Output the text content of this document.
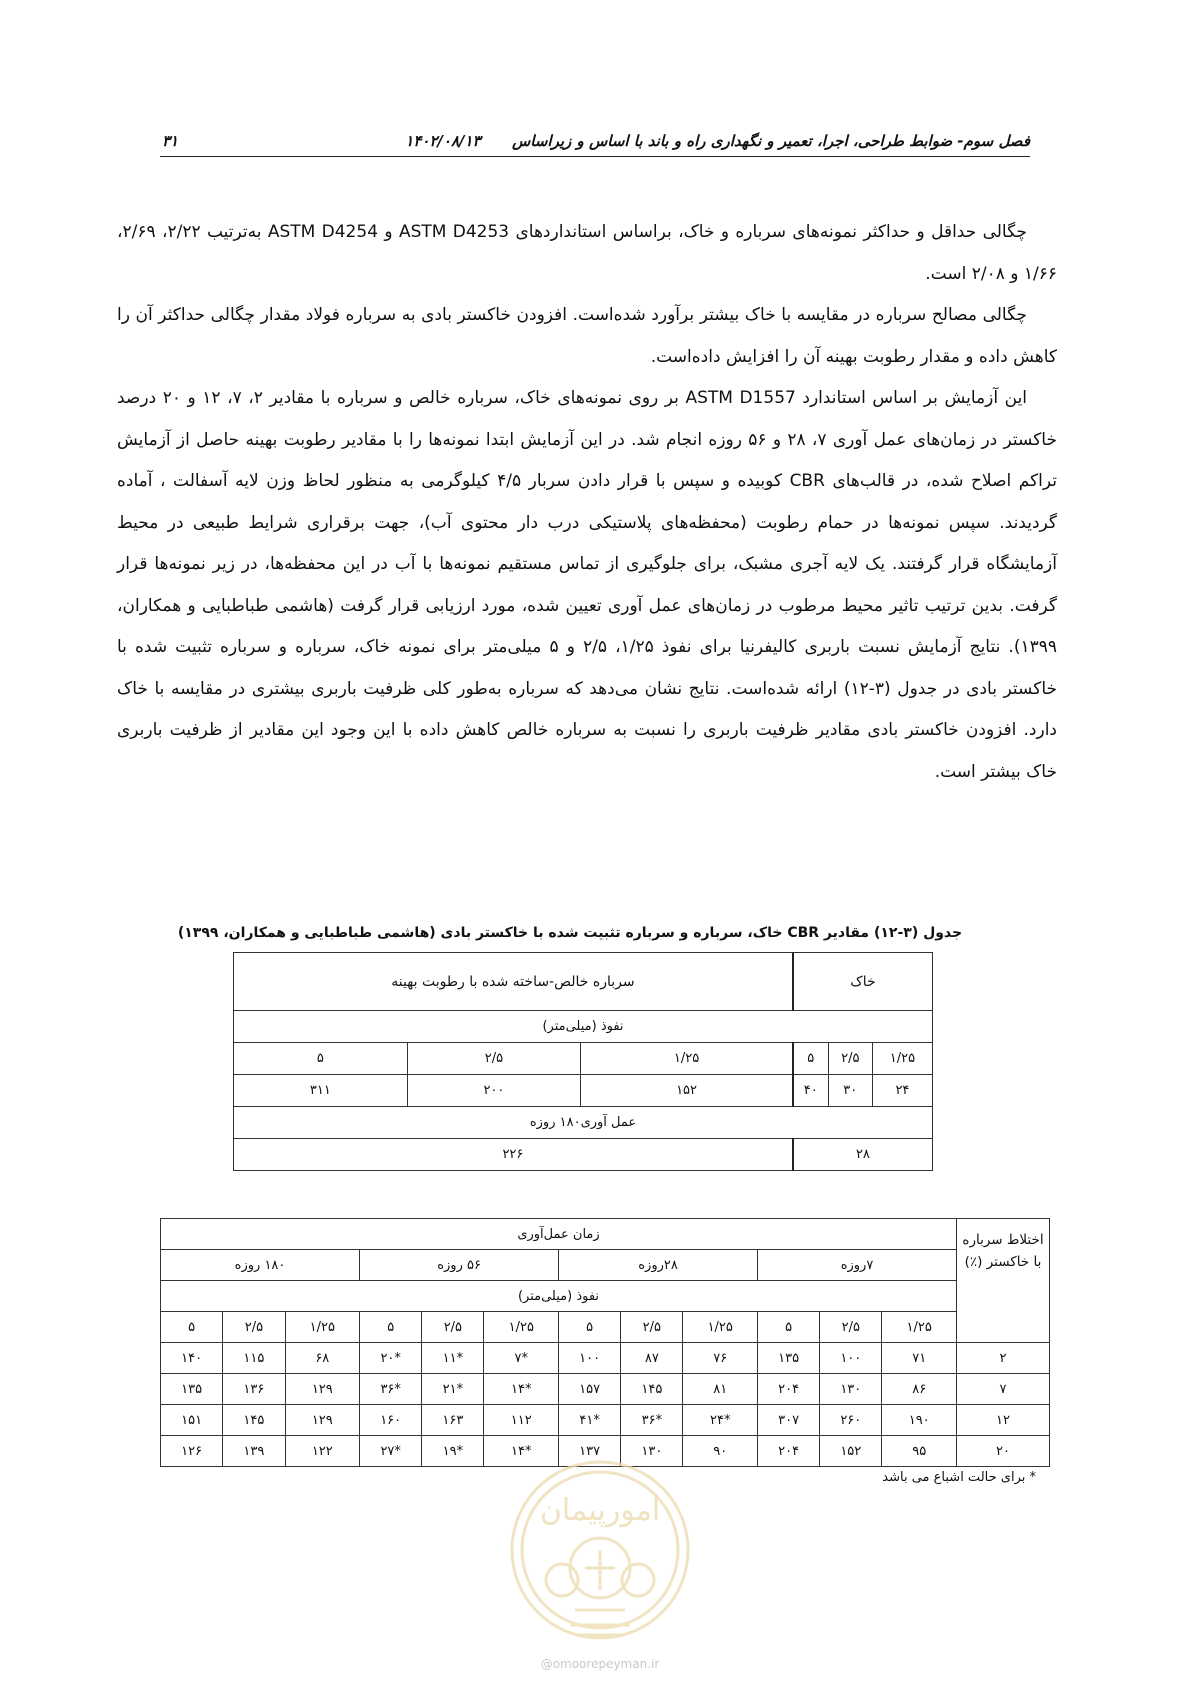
فصل سوم- ضوابط طراحی، اجرا، تعمیر و نگهداری راه و باند با اساس و زیراساس      ۱۴۰۲/۰۸/۱۳
۳۱

چگالی حداقل و حداکثر نمونه‌های سرباره و خاک، براساس استانداردهای ASTM D4253 و ASTM D4254 به‌ترتیب ۲/۲۲، ۲/۶۹، ۱/۶۶ و ۲/۰۸ است.

چگالی مصالح سرباره در مقایسه با خاک بیشتر برآورد شده‌است. افزودن خاکستر بادی به سرباره فولاد مقدار چگالی حداکثر آن را کاهش داده و مقدار رطوبت بهینه آن را افزایش داده‌است.

این آزمایش بر اساس استاندارد ASTM D1557 بر روی نمونه‌های خاک، سرباره خالص و سرباره با مقادیر ۲، ۷، ۱۲ و ۲۰ درصد خاکستر در زمان‌های عمل آوری ۷، ۲۸ و ۵۶ روزه انجام شد. در این آزمایش ابتدا نمونه‌ها را با مقادیر رطوبت بهینه حاصل از آزمایش تراکم اصلاح شده، در قالب‌های CBR کوبیده و سپس با قرار دادن سربار ۴/۵ کیلوگرمی به منظور لحاظ وزن لایه آسفالت ، آماده گردیدند. سپس نمونه‌ها در حمام رطوبت (محفظه‌های پلاستیکی درب دار محتوی آب)، جهت برقراری شرایط طبیعی در محیط آزمایشگاه قرار گرفتند. یک لایه آجری مشبک، برای جلوگیری از تماس مستقیم نمونه‌ها با آب در این محفظه‌ها، در زیر نمونه‌ها قرار گرفت. بدین ترتیب تاثیر محیط مرطوب در زمان‌های عمل آوری تعیین شده، مورد ارزیابی قرار گرفت (هاشمی طباطبایی و همکاران، ۱۳۹۹). نتایج آزمایش نسبت باربری کالیفرنیا برای نفوذ ۱/۲۵، ۲/۵ و ۵ میلی‌متر برای نمونه خاک، سرباره و سرباره تثبیت شده با خاکستر بادی در جدول (۳-۱۲) ارائه شده‌است. نتایج نشان می‌دهد که سرباره به‌طور کلی ظرفیت باربری بیشتری در مقایسه با خاک دارد. افزودن خاکستر بادی مقادیر ظرفیت باربری را نسبت به سرباره خالص کاهش داده با این وجود این مقادیر از ظرفیت باربری خاک بیشتر است.

جدول (۳-۱۲) مقادیر CBR خاک، سرباره و سرباره تثبیت شده با خاکستر بادی (هاشمی طباطبایی و همکاران، ۱۳۹۹)
خاک			سرباره خالص-ساخته شده با رطوبت بهینه		
نفوذ (میلی‌متر)					
۱/۲۵	۲/۵	۵	۱/۲۵	۲/۵	۵
۲۴	۳۰	۴۰	۱۵۲	۲۰۰	۳۱۱
عمل آوری۱۸۰ روزه					
۲۸			۲۲۶		
اختلاط سرباره با خاکستر (٪)	زمان عمل‌آوری											
	۷روزه			۲۸روزه			۵۶ روزه			۱۸۰ روزه		
	نفوذ (میلی‌متر)											
	۱/۲۵	۲/۵	۵	۱/۲۵	۲/۵	۵	۱/۲۵	۲/۵	۵	۱/۲۵	۲/۵	۵
۲	۷۱	۱۰۰	۱۳۵	۷۶	۸۷	۱۰۰	*۷	*۱۱	*۲۰	۶۸	۱۱۵	۱۴۰
۷	۸۶	۱۳۰	۲۰۴	۸۱	۱۴۵	۱۵۷	*۱۴	*۲۱	*۳۶	۱۲۹	۱۳۶	۱۳۵
۱۲	۱۹۰	۲۶۰	۳۰۷	*۲۴	*۳۶	*۴۱	۱۱۲	۱۶۳	۱۶۰	۱۲۹	۱۴۵	۱۵۱
۲۰	۹۵	۱۵۲	۲۰۴	۹۰	۱۳۰	۱۳۷	*۱۴	*۱۹	*۲۷	۱۲۲	۱۳۹	۱۲۶
* برای حالت اشباع می باشد
امورپیمان
@omoorepeyman.ir
